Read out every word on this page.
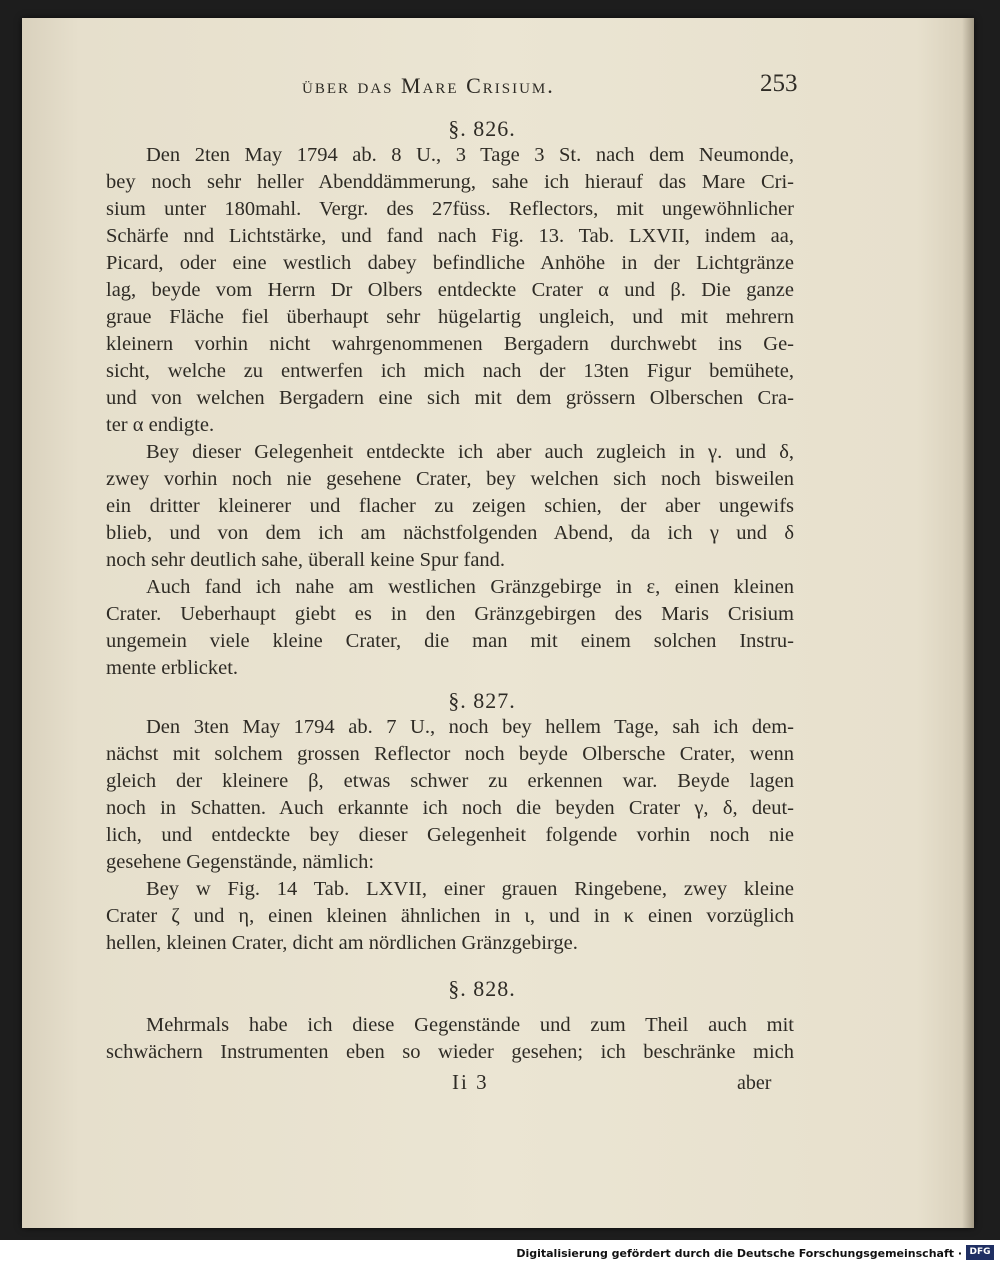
über das Mare Crisium.	253
§. 826.
Den 2ten May 1794 ab. 8 U., 3 Tage 3 St. nach dem Neumonde,
bey noch sehr heller Abenddämmerung, sahe ich hierauf das Mare Cri-
sium unter 180mahl. Vergr. des 27füss. Reflectors, mit ungewöhnlicher
Schärfe nnd Lichtstärke, und fand nach Fig. 13. Tab. LXVII, indem aa,
Picard, oder eine westlich dabey befindliche Anhöhe in der Lichtgränze
lag, beyde vom Herrn Dr Olbers entdeckte Crater α und β. Die ganze
graue Fläche fiel überhaupt sehr hügelartig ungleich, und mit mehrern
kleinern vorhin nicht wahrgenommenen Bergadern durchwebt ins Ge-
sicht, welche zu entwerfen ich mich nach der 13ten Figur bemühete,
und von welchen Bergadern eine sich mit dem grössern Olberschen Cra-
ter α endigte.
Bey dieser Gelegenheit entdeckte ich aber auch zugleich in γ. und δ,
zwey vorhin noch nie gesehene Crater, bey welchen sich noch bisweilen
ein dritter kleinerer und flacher zu zeigen schien, der aber ungewifs
blieb, und von dem ich am nächstfolgenden Abend, da ich γ und δ
noch sehr deutlich sahe, überall keine Spur fand.
Auch fand ich nahe am westlichen Gränzgebirge in ε, einen kleinen
Crater. Ueberhaupt giebt es in den Gränzgebirgen des Maris Crisium
ungemein viele kleine Crater, die man mit einem solchen Instru-
mente erblicket.
§. 827.
Den 3ten May 1794 ab. 7 U., noch bey hellem Tage, sah ich dem-
nächst mit solchem grossen Reflector noch beyde Olbersche Crater, wenn
gleich der kleinere β, etwas schwer zu erkennen war. Beyde lagen
noch in Schatten. Auch erkannte ich noch die beyden Crater γ, δ, deut-
lich, und entdeckte bey dieser Gelegenheit folgende vorhin noch nie
gesehene Gegenstände, nämlich:
Bey w Fig. 14 Tab. LXVII, einer grauen Ringebene, zwey kleine
Crater ζ und η, einen kleinen ähnlichen in ι, und in κ einen vorzüglich
hellen, kleinen Crater, dicht am nördlichen Gränzgebirge.
§. 828.
Mehrmals habe ich diese Gegenstände und zum Theil auch mit
schwächern Instrumenten eben so wieder gesehen; ich beschränke mich
Ii 3	aber
Digitalisierung gefördert durch die Deutsche Forschungsgemeinschaft · DFG
